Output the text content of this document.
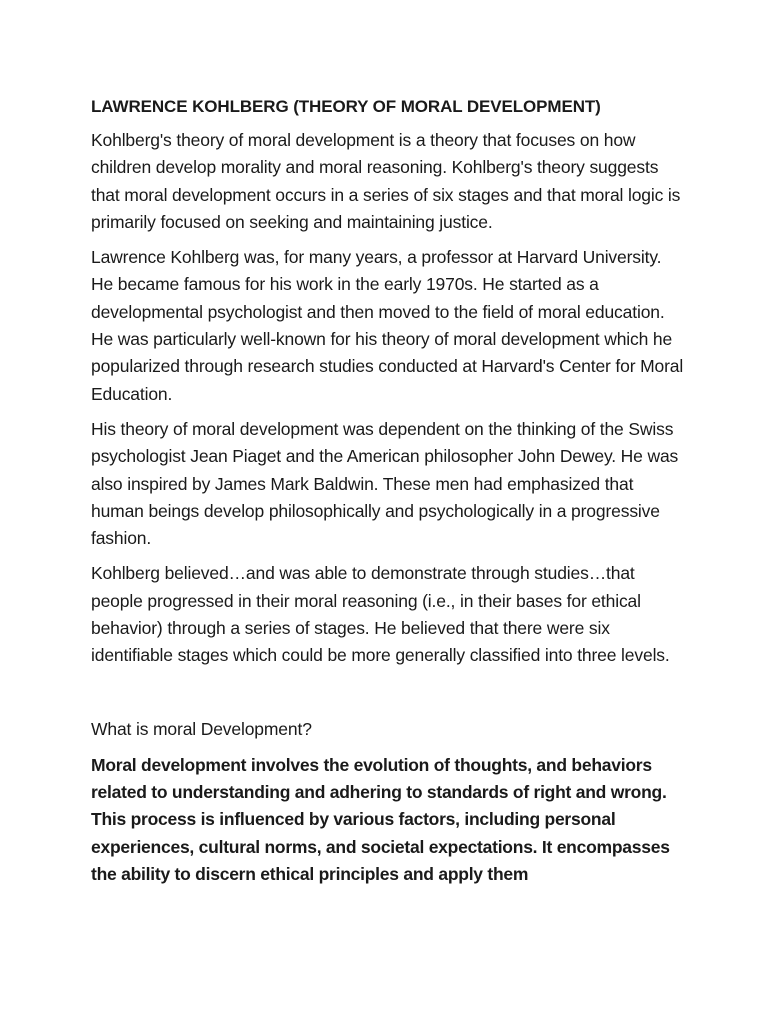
LAWRENCE KOHLBERG (THEORY OF MORAL DEVELOPMENT)

Kohlberg's theory of moral development is a theory that focuses on how children develop morality and moral reasoning. Kohlberg's theory suggests that moral development occurs in a series of six stages and that moral logic is primarily focused on seeking and maintaining justice.

Lawrence Kohlberg was, for many years, a professor at Harvard University. He became famous for his work in the early 1970s. He started as a developmental psychologist and then moved to the field of moral education. He was particularly well-known for his theory of moral development which he popularized through research studies conducted at Harvard's Center for Moral Education.

His theory of moral development was dependent on the thinking of the Swiss psychologist Jean Piaget and the American philosopher John Dewey. He was also inspired by James Mark Baldwin. These men had emphasized that human beings develop philosophically and psychologically in a progressive fashion.

Kohlberg believed…and was able to demonstrate through studies…that people progressed in their moral reasoning (i.e., in their bases for ethical behavior) through a series of stages. He believed that there were six identifiable stages which could be more generally classified into three levels.

What is moral Development?

Moral development involves the evolution of thoughts, and behaviors related to understanding and adhering to standards of right and wrong. This process is influenced by various factors, including personal experiences, cultural norms, and societal expectations. It encompasses the ability to discern ethical principles and apply them
